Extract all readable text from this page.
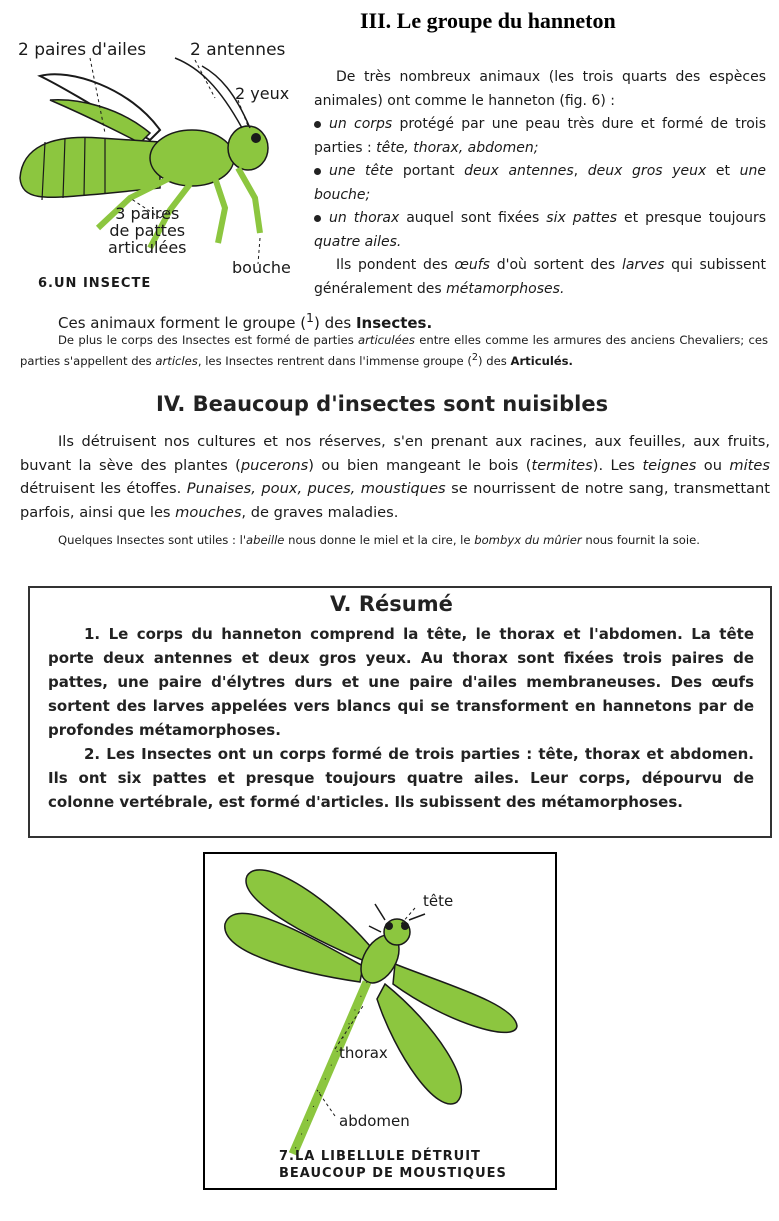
III. Le groupe du hanneton
2 paires d'ailes	2 antennes
2 yeux
3 paires
de pattes
articulées
bouche
6.UN INSECTE

De très nombreux animaux (les trois quarts des espèces animales) ont comme le hanneton (fig. 6) :

un corps protégé par une peau très dure et formé de trois parties : tête, thorax, abdomen;

une tête portant deux antennes, deux gros yeux et une bouche;

un thorax auquel sont fixées six pattes et presque toujours quatre ailes.

Ils pondent des œufs d'où sortent des larves qui subissent généralement des métamorphoses.

Ces animaux forment le groupe ($^1$) des Insectes.
De plus le corps des Insectes est formé de parties articulées entre elles comme les armures des anciens Chevaliers; ces parties s'appellent des articles, les Insectes rentrent dans l'immense groupe ($^2$) des Articulés.
IV. Beaucoup d'insectes sont nuisibles
Ils détruisent nos cultures et nos réserves, s'en prenant aux racines, aux feuilles, aux fruits, buvant la sève des plantes (pucerons) ou bien mangeant le bois (termites). Les teignes ou mites détruisent les étoffes. Punaises, poux, puces, moustiques se nourrissent de notre sang, transmettant parfois, ainsi que les mouches, de graves maladies.
Quelques Insectes sont utiles : l'abeille nous donne le miel et la cire, le bombyx du mûrier nous fournit la soie.
V. Résumé

1. Le corps du hanneton comprend la tête, le thorax et l'abdomen. La tête porte deux antennes et deux gros yeux. Au thorax sont fixées trois paires de pattes, une paire d'élytres durs et une paire d'ailes membraneuses. Des œufs sortent des larves appelées vers blancs qui se transforment en hannetons par de profondes métamorphoses.

2. Les Insectes ont un corps formé de trois parties : tête, thorax et abdomen. Ils ont six pattes et presque toujours quatre ailes. Leur corps, dépourvu de colonne vertébrale, est formé d'articles. Ils subissent des métamorphoses.

tête
thorax
abdomen
7.LA LIBELLULE DÉTRUIT
BEAUCOUP DE MOUSTIQUES
